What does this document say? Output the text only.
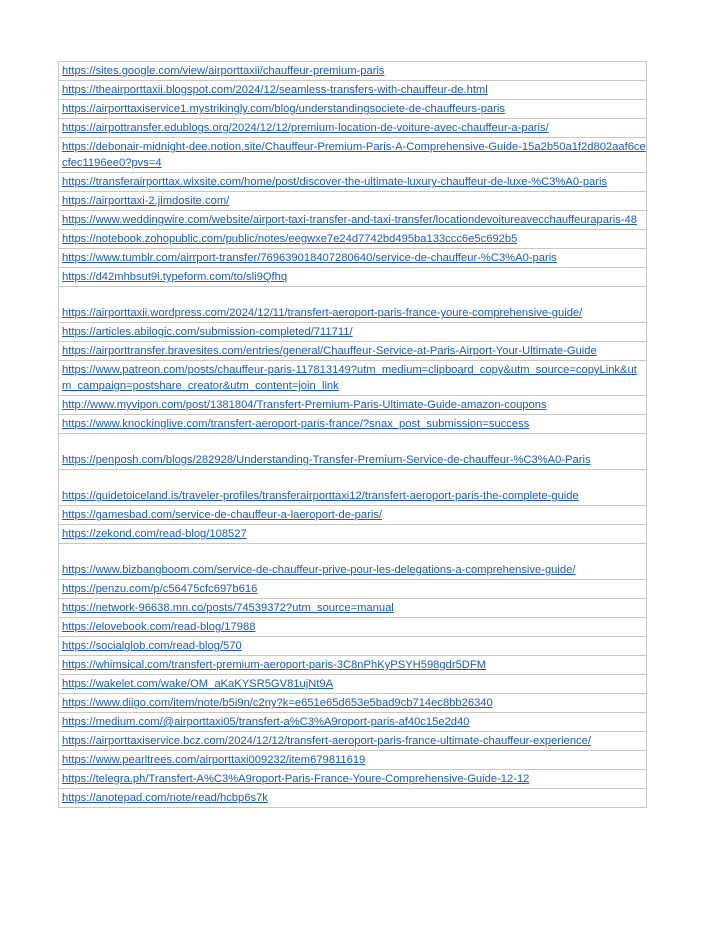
https://sites.google.com/view/airporttaxii/chauffeur-premium-paris
https://theairporttaxii.blogspot.com/2024/12/seamless-transfers-with-chauffeur-de.html
https://airporttaxiservice1.mystrikingly.com/blog/understandingsociete-de-chauffeurs-paris
https://airpottransfer.edublogs.org/2024/12/12/premium-location-de-voiture-avec-chauffeur-a-paris/
https://debonair-midnight-dee.notion.site/Chauffeur-Premium-Paris-A-Comprehensive-Guide-15a2b50a1f2d802aaf6cecfec1196ee0?pvs=4
https://transferairporttax.wixsite.com/home/post/discover-the-ultimate-luxury-chauffeur-de-luxe-%C3%A0-paris
https://airporttaxi-2.jimdosite.com/
https://www.weddingwire.com/website/airport-taxi-transfer-and-taxi-transfer/locationdevoitureavecchauffeuraparis-48
https://notebook.zohopublic.com/public/notes/eegwxe7e24d7742bd495ba133ccc6e5c692b5
https://www.tumblr.com/airrport-transfer/769639018407280640/service-de-chauffeur-%C3%A0-paris
https://d42mhbsut9i.typeform.com/to/sli9Qfhq
https://airporttaxii.wordpress.com/2024/12/11/transfert-aeroport-paris-france-youre-comprehensive-guide/
https://articles.abilogic.com/submission-completed/711711/
https://airporttransfer.bravesites.com/entries/general/Chauffeur-Service-at-Paris-Airport-Your-Ultimate-Guide
https://www.patreon.com/posts/chauffeur-paris-117813149?utm_medium=clipboard_copy&utm_source=copyLink&utm_campaign=postshare_creator&utm_content=join_link
http://www.myvipon.com/post/1381804/Transfert-Premium-Paris-Ultimate-Guide-amazon-coupons
https://www.knockinglive.com/transfert-aeroport-paris-france/?snax_post_submission=success
https://penposh.com/blogs/282928/Understanding-Transfer-Premium-Service-de-chauffeur-%C3%A0-Paris
https://guidetoiceland.is/traveler-profiles/transferairporttaxi12/transfert-aeroport-paris-the-complete-guide
https://gamesbad.com/service-de-chauffeur-a-laeroport-de-paris/
https://zekond.com/read-blog/108527
https://www.bizbangboom.com/service-de-chauffeur-prive-pour-les-delegations-a-comprehensive-guide/
https://penzu.com/p/c56475cfc697b616
https://network-96638.mn.co/posts/74539372?utm_source=manual
https://elovebook.com/read-blog/17988
https://socialglob.com/read-blog/570
https://whimsical.com/transfert-premium-aeroport-paris-3C8nPhKyPSYH598gdr5DFM
https://wakelet.com/wake/OM_aKaKYSR5GV81ujNt9A
https://www.diigo.com/item/note/b5i9n/c2ny?k=e651e65d653e5bad9cb714ec8bb26340
https://medium.com/@airporttaxi05/transfert-a%C3%A9roport-paris-af40c15e2d40
https://airporttaxiservice.bcz.com/2024/12/12/transfert-aeroport-paris-france-ultimate-chauffeur-experience/
https://www.pearltrees.com/airporttaxi009232/item679811619
https://telegra.ph/Transfert-A%C3%A9roport-Paris-France-Youre-Comprehensive-Guide-12-12
https://anotepad.com/note/read/hcbp6s7k
